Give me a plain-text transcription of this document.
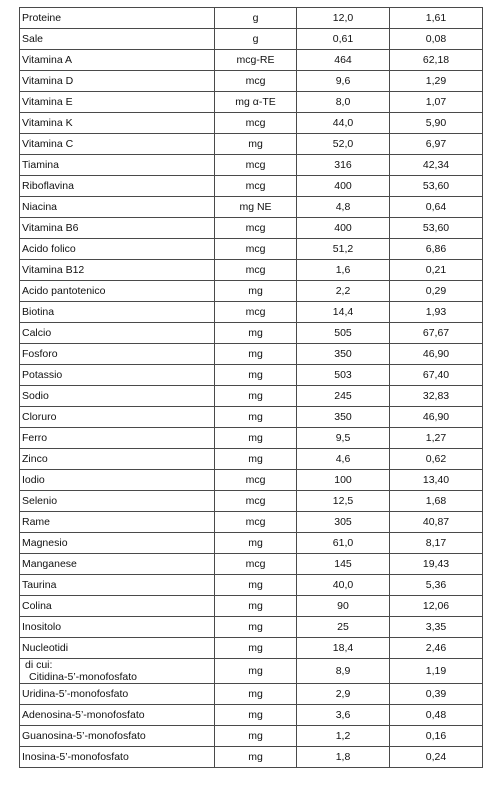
Proteine	g	12,0	1,61
Sale	g	0,61	0,08
Vitamina A	mcg-RE	464	62,18
Vitamina D	mcg	9,6	1,29
Vitamina E	mg α-TE	8,0	1,07
Vitamina K	mcg	44,0	5,90
Vitamina C	mg	52,0	6,97
Tiamina	mcg	316	42,34
Riboflavina	mcg	400	53,60
Niacina	mg NE	4,8	0,64
Vitamina B6	mcg	400	53,60
Acido folico	mcg	51,2	6,86
Vitamina B12	mcg	1,6	0,21
Acido pantotenico	mg	2,2	0,29
Biotina	mcg	14,4	1,93
Calcio	mg	505	67,67
Fosforo	mg	350	46,90
Potassio	mg	503	67,40
Sodio	mg	245	32,83
Cloruro	mg	350	46,90
Ferro	mg	9,5	1,27
Zinco	mg	4,6	0,62
Iodio	mcg	100	13,40
Selenio	mcg	12,5	1,68
Rame	mcg	305	40,87
Magnesio	mg	61,0	8,17
Manganese	mcg	145	19,43
Taurina	mg	40,0	5,36
Colina	mg	90	12,06
Inositolo	mg	25	3,35
Nucleotidi	mg	18,4	2,46

di cui:
Citidina-5’-monofosfato	mg	8,9	1,19
Uridina-5’-monofosfato	mg	2,9	0,39
Adenosina-5’-monofosfato	mg	3,6	0,48
Guanosina-5’-monofosfato	mg	1,2	0,16
Inosina-5’-monofosfato	mg	1,8	0,24
